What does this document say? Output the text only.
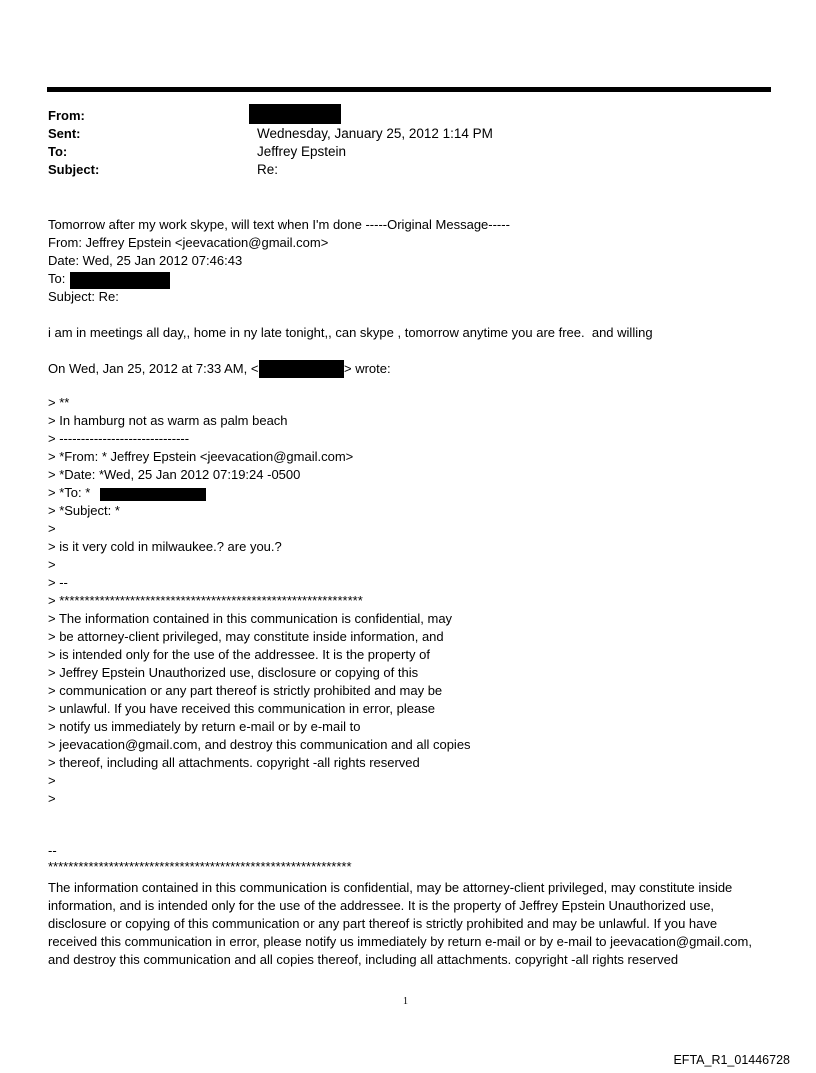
From:
Sent:
To:
Subject:
Wednesday, January 25, 2012 1:14 PM
Jeffrey Epstein
Re:
Tomorrow after my work skype, will text when I'm done -----Original Message-----
From: Jeffrey Epstein <jeevacation@gmail.com>
Date: Wed, 25 Jan 2012 07:46:43
To:
Subject: Re:
i am in meetings all day,, home in ny late tonight,, can skype , tomorrow anytime you are free.  and willing
On Wed, Jan 25, 2012 at 7:33 AM, <	> wrote:
> **
> In hamburg not as warm as palm beach
> ------------------------------
> *From: * Jeffrey Epstein <jeevacation@gmail.com>
> *Date: *Wed, 25 Jan 2012 07:19:24 -0500
> *To: *
> *Subject: *
>
> is it very cold in milwaukee.? are you.?
>
> --
> ************************************************************
> The information contained in this communication is confidential, may
> be attorney-client privileged, may constitute inside information, and
> is intended only for the use of the addressee. It is the property of
> Jeffrey Epstein Unauthorized use, disclosure or copying of this
> communication or any part thereof is strictly prohibited and may be
> unlawful. If you have received this communication in error, please
> notify us immediately by return e-mail or by e-mail to
> jeevacation@gmail.com, and destroy this communication and all copies
> thereof, including all attachments. copyright -all rights reserved
>
>
--
************************************************************
The information contained in this communication is confidential, may be attorney-client privileged, may constitute inside information, and is intended only for the use of the addressee. It is the property of Jeffrey Epstein Unauthorized use, disclosure or copying of this communication or any part thereof is strictly prohibited and may be unlawful. If you have received this communication in error, please notify us immediately by return e-mail or by e-mail to jeevacation@gmail.com, and destroy this communication and all copies thereof, including all attachments. copyright -all rights reserved
1
EFTA_R1_01446728
